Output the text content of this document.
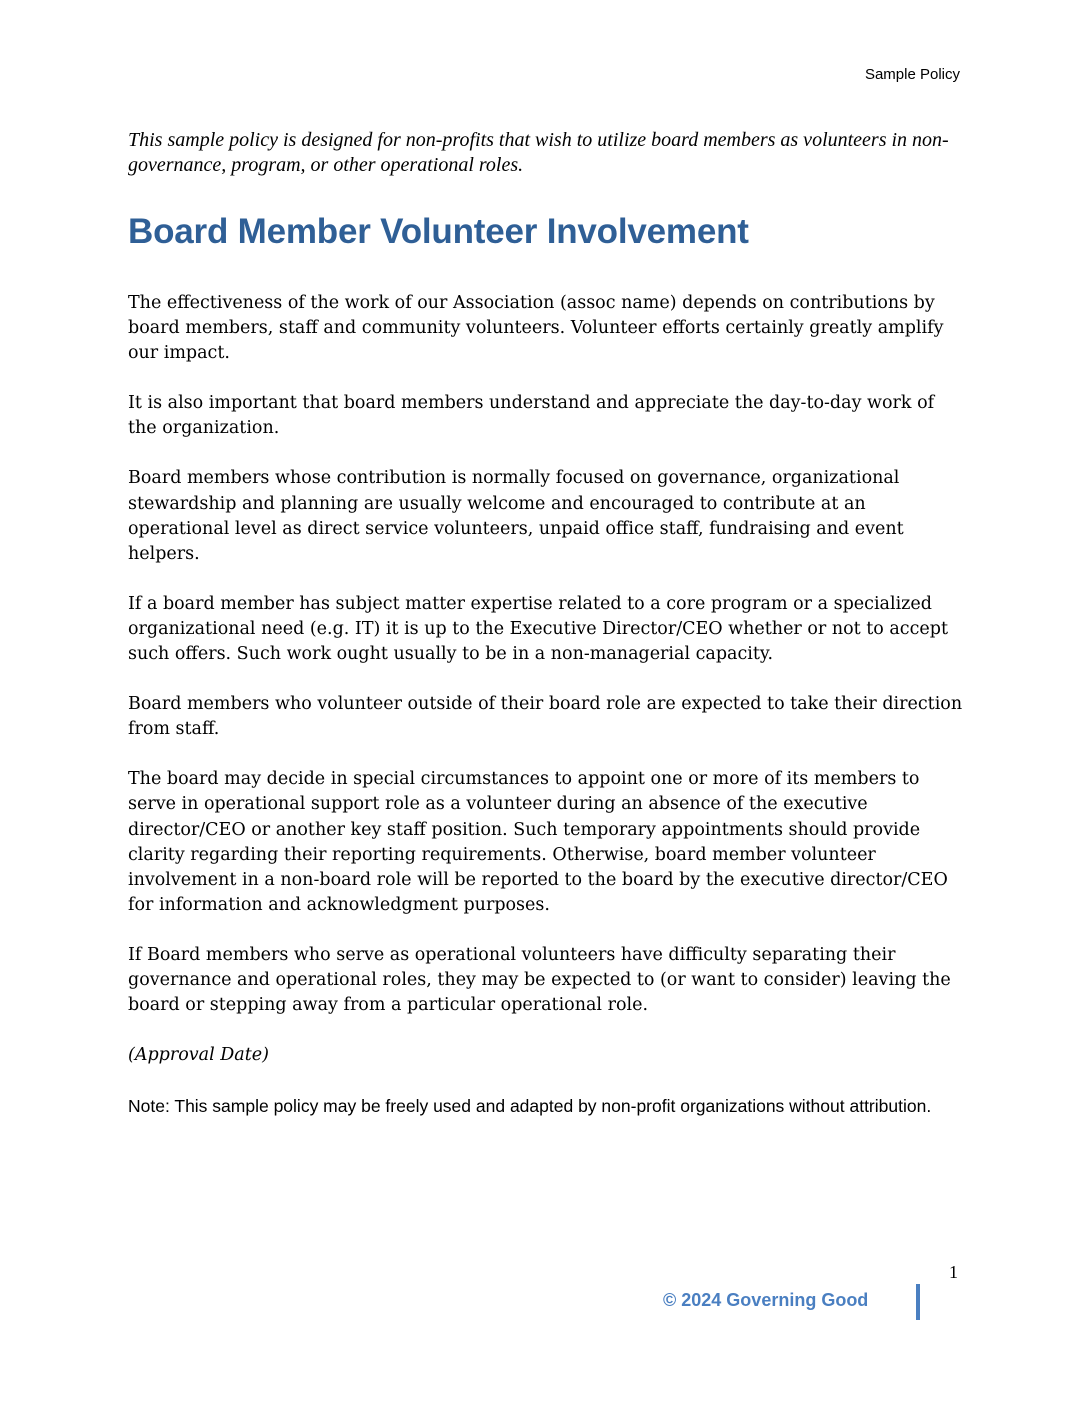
Sample Policy

This sample policy is designed for non-profits that wish to utilize board members as volunteers in non-governance, program, or other operational roles.

Board Member Volunteer Involvement

The effectiveness of the work of our Association (assoc name) depends on contributions by board members, staff and community volunteers. Volunteer efforts certainly greatly amplify our impact.

It is also important that board members understand and appreciate the day-to-day work of the organization.

Board members whose contribution is normally focused on governance, organizational stewardship and planning are usually welcome and encouraged to contribute at an operational level as direct service volunteers, unpaid office staff, fundraising and event helpers.

If a board member has subject matter expertise related to a core program or a specialized organizational need (e.g. IT) it is up to the Executive Director/CEO whether or not to accept such offers. Such work ought usually to be in a non-managerial capacity.

Board members who volunteer outside of their board role are expected to take their direction from staff.

The board may decide in special circumstances to appoint one or more of its members to serve in operational support role as a volunteer during an absence of the executive director/CEO or another key staff position. Such temporary appointments should provide clarity regarding their reporting requirements. Otherwise, board member volunteer involvement in a non-board role will be reported to the board by the executive director/CEO for information and acknowledgment purposes.

If Board members who serve as operational volunteers have difficulty separating their governance and operational roles, they may be expected to (or want to consider) leaving the board or stepping away from a particular operational role.

(Approval Date)

Note: This sample policy may be freely used and adapted by non-profit organizations without attribution.

1
© 2024 Governing Good
